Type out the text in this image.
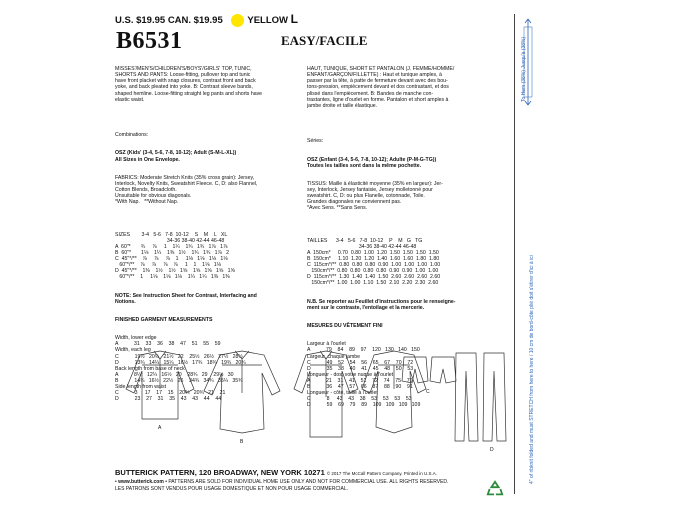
U.S. $19.95 CAN. $19.95	YELLOW L
B6531	EASY/FACILE

MISSES'/MEN'S/CHILDREN'S/BOYS'/GIRLS' TOP, TUNIC,
SHORTS AND PANTS: Loose-fitting, pullover top and tunic
have front placket with snap closures, contrast front and back
yoke, and back pleated into yoke. B: Contrast sleeve bands,
shaped hemline. Loose-fitting straight leg pants and shorts have
elastic waist.

Combinations:

OSZ (Kids' (3-4, 5-6, 7-8, 10-12); Adult (S-M-L-XL))
All Sizes in One Envelope.

FABRICS: Moderate Stretch Knits (35% cross grain): Jersey,
Interlock, Novelty Knits, Sweatshirt Fleece. C, D: also Flannel,
Cotton Blends, Broadcloth.
Unsuitable for obvious diagonals.
*With Nap.   **Without Nap.

SIZES        3-4   5-6   7-8  10-12    S    M    L   XL
34-36 38-40 42-44 46-48
A  60"*       ¾     ⅞     1    1¼    1¾   1¾   1⅞   1⅞
B  60"*       1⅛    1¼    1⅜   1½    1¾   1¾   1⅞   2
C  45"*/**    ⅞     ⅞     ⅞    1     1⅛   1⅛   1⅛   1⅛
60"*/**    ⅞     ⅞     ⅞    ⅞     1    1    1⅛   1⅛
D  45"*/**    1⅜    1½    1½   1⅝    1⅝   1⅝   1⅝   1⅝
60"*/**    1     1⅛    1⅛   1⅛    1¼   1¼   1⅜   1⅜

NOTE: See Instruction Sheet for Contrast, Interfacing and
Notions.

FINISHED GARMENT MEASUREMENTS

Width, lower edge
A           31    33    36    38    47    51    55    59
Width, each leg
C           19½   20½   21½   22    25½   26½   27½   28½
D           13¾   14¼   15¼   16½   17¾   18¾   19¾   20¾
Back length from base of neck
A           8¼    12¼   16½   20    28¾   29    29½   30
B           14¾   16½   22½   26    34¾   34¾   35¼   35¾
Side length from waist
C           3     17    17    15    20¾   20¾   21    21
D           23    27    31    35    43    43    44    44

HAUT, TUNIQUE, SHORT ET PANTALON (J. FEMME/HOMME/
ENFANT/GARÇON/FILLETTE) : Haut et tunique amples, à
passer par la tête, à patte de fermeture devant avec des bou-
tons-pression, empiècement devant et dos contrastant, et dos
plissé dans l'empiècement. B: Bandes de manche con-
trastantes, ligne d'ourlet en forme. Pantalon et short amples à
jambe droite et taille élastique.

Séries:

OSZ (Enfant (3-4, 5-6, 7-8, 10-12); Adulte (P-M-G-TG))
Toutes les tailles sont dans la même pochette.

TISSUS: Maille à élasticité moyenne (35% en largeur): Jer-
sey, Interlock, Jersey fantaisie, Jersey molletonné pour
sweatshirt. C, D: ou plus Flanelle, cotonnade, Toile.
Grandes diagonales ne conviennent pas.
*Avec Sens. **Sans Sens.

TAILLES      3-4   5-6   7-8  10-12    P    M   G   TG
34-36 38-40 42-44 46-48
A  150cm*     0.70  0.80  1.00  1.20  1.50  1.50  1.50  1.50
B  150cm*     1.10  1.20  1.20  1.40  1.60  1.60  1.80  1.80
C  115cm*/**  0.80  0.80  0.80  0.90  1.00  1.00  1.00  1.00
150cm*/**  0.80  0.80  0.80  0.80  0.90  0.90  1.00  1.00
D  115cm*/**  1.30  1.40  1.40  1.50  2.60  2.60  2.60  2.60
150cm*/**  1.00  1.00  1.10  1.50  2.10  2.20  2.30  2.60

N.B. Se reporter au Feuillet d'instructions pour le renseigne-
ment sur le contraste, l'entoilage et la mercerie.

MESURES DU VÊTEMENT FINI

Largeur à l'ourlet
A           79    84    89    97    120   130   140   150
Largeur, chaque jambe
C           49    52    54    56    65    67    70    72
D           35    38    40    41    45    48    50    53
Longueur - dos, votre nuque à l'ourlet
A           21    31    41    51    72    74    75    76
B           36    47    57    66    87    88    90    91
Longueur - côté, taille à l'ourlet
C           8     43    43    38    53    53    53    53
D           59    69    79    89    109   109   109   109

A
B
C
D
To Hem (38%) Jusqu'à (38%)
4" of ribknit folded and must STRETCH from here to here / 10 cm de bord-côte plié doit s'étirer d'ici à ici
BUTTERICK PATTERN, 120 BROADWAY, NEW YORK 10271 © 2017 The McCall Pattern Company. Printed in U.S.A.
• www.butterick.com • PATTERNS ARE SOLD FOR INDIVIDUAL HOME USE ONLY AND NOT FOR COMMERCIAL USE. ALL RIGHTS RESERVED.
LES PATRONS SONT VENDUS POUR USAGE DOMESTIQUE ET NON POUR USAGE COMMERCIAL.
